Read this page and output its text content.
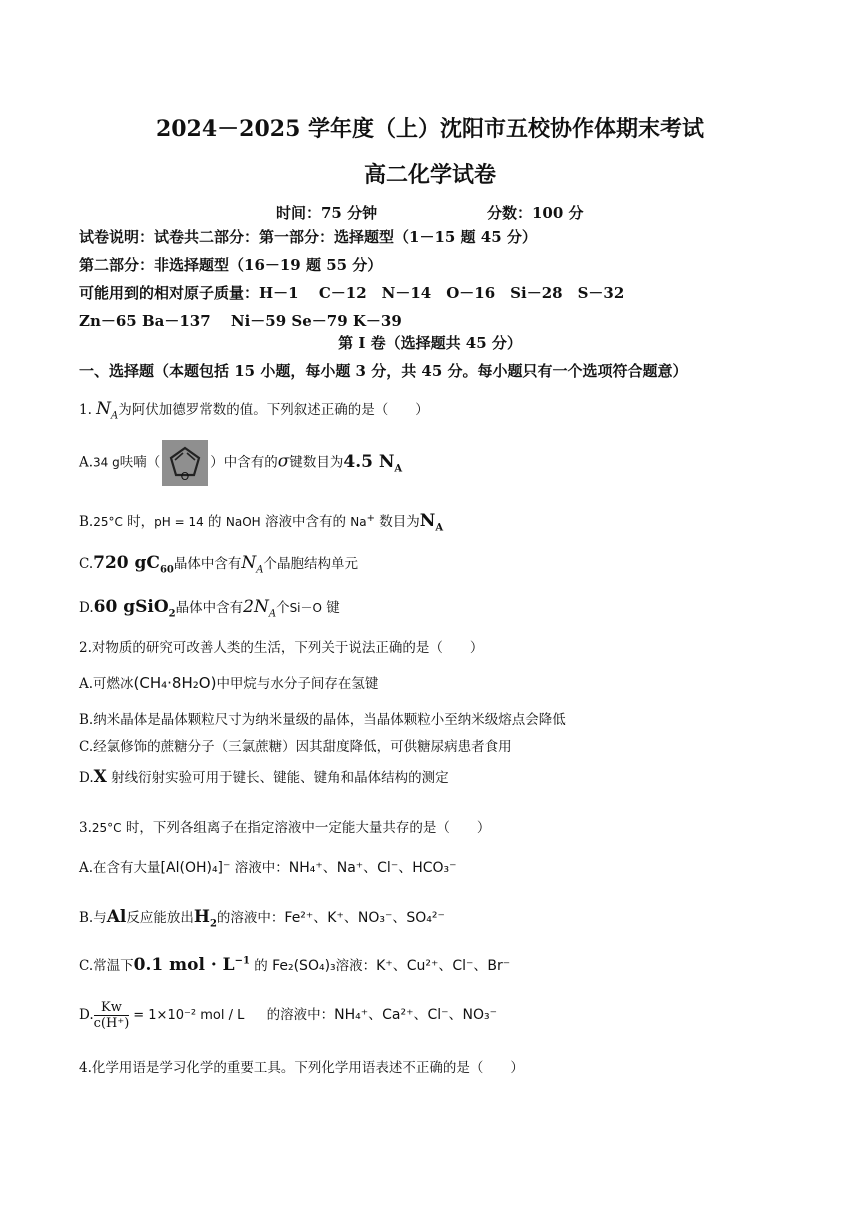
2024－2025 学年度（上）沈阳市五校协作体期末考试
高二化学试卷
时间：75 分钟	分数：100 分
试卷说明：试卷共二部分：第一部分：选择题型（1－15 题 45 分）
第二部分：非选择题型（16－19 题 55 分）
可能用到的相对原子质量：H－1　 C－12　N－14　O－16　Si－28　S－32
Zn－65 Ba－137　 Ni－59 Se－79 K－39
第 I 卷（选择题共 45 分）
一、选择题（本题包括 15 小题，每小题 3 分，共 45 分。每小题只有一个选项符合题意）
1. $N_A$为阿伏加德罗常数的值。下列叙述正确的是（　　）
A.34 g呋喃（
O
）中含有的σ键数目为4.5 $N_A$
B.25°C 时，pH = 14 的 NaOH 溶液中含有的 Na+ 数目为$N_A$
C.720 $gC_{60}$晶体中含有$N_A$个晶胞结构单元
D.60 gSiO$_2$晶体中含有$2N_A$个Si－O 键
2.对物质的研究可改善人类的生活，下列关于说法正确的是（　　）
A.可燃冰(CH₄·8H₂O)中甲烷与水分子间存在氢键
B.纳米晶体是晶体颗粒尺寸为纳米量级的晶体，当晶体颗粒小至纳米级熔点会降低
C.经氯修饰的蔗糖分子（三氯蔗糖）因其甜度降低，可供糖尿病患者食用
D.X 射线衍射实验可用于键长、键能、键角和晶体结构的测定
3.25°C 时，下列各组离子在指定溶液中一定能大量共存的是（　　）
A.在含有大量[Al(OH)₄]⁻ 溶液中：NH₄⁺、Na⁺、Cl⁻、HCO₃⁻
B.与Al反应能放出$H_2$的溶液中：Fe²⁺、K⁺、NO₃⁻、SO₄²⁻
C.常温下0.1 mol · $L^{-1}$ 的 Fe₂(SO₄)₃溶液：K⁺、Cu²⁺、Cl⁻、Br⁻
D. $\frac{Kw}{c(H^+)} = 1\times 10^{-2}$ mol / L 的溶液中：NH₄⁺、Ca²⁺、Cl⁻、NO₃⁻
4.化学用语是学习化学的重要工具。下列化学用语表述不正确的是（　　）
